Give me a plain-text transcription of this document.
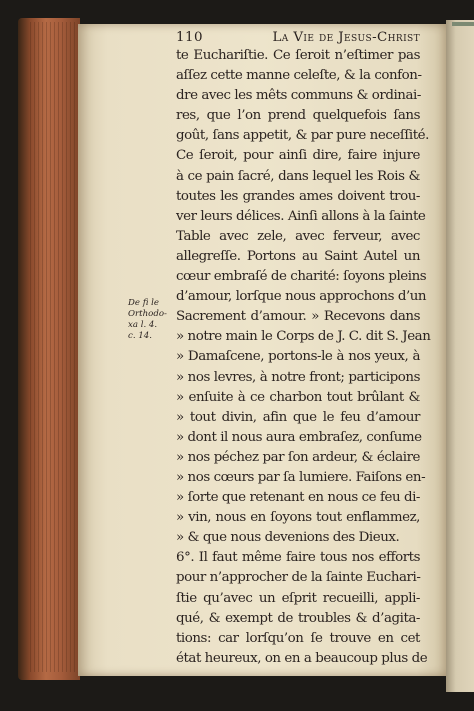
110	La Vie de Jesus-Christ
te Euchariſtie. Ce ſeroit n’eſtimer pas
aſſez cette manne celeſte, & la confon-
dre avec les mêts communs & ordinai-
res, que l’on prend quelquefois ſans
goût, ſans appetit, & par pure neceſſité.
Ce ſeroit, pour ainſi dire, faire injure
à ce pain ſacré, dans lequel les Rois &
toutes les grandes ames doivent trou-
ver leurs délices. Ainſi allons à la ſainte
Table avec zele, avec ferveur, avec
allegreſſe. Portons au Saint Autel un
cœur embraſé de charité: ſoyons pleins
d’amour, lorſque nous approchons d’un
Sacrement d’amour. » Recevons dans
» notre main le Corps de J. C. dit S. Jean
» Damaſcene, portons-le à nos yeux, à
» nos levres, à notre front; participons
» enſuite à ce charbon tout brûlant &
» tout divin, afin que le feu d’amour
» dont il nous aura embraſez, conſume
» nos péchez par ſon ardeur, & éclaire
» nos cœurs par ſa lumiere. Faiſons en-
» ſorte que retenant en nous ce feu di-
» vin, nous en ſoyons tout enflammez,
» & que nous devenions des Dieux.
6°. Il faut même faire tous nos efforts
pour n’approcher de la ſainte Euchari-
ſtie qu’avec un eſprit recueilli, appli-
qué, & exempt de troubles & d’agita-
tions: car lorſqu’on ſe trouve en cet
état heureux, on en a beaucoup plus de
De fi le
Orthodo-
xa l. 4.
c. 14.
